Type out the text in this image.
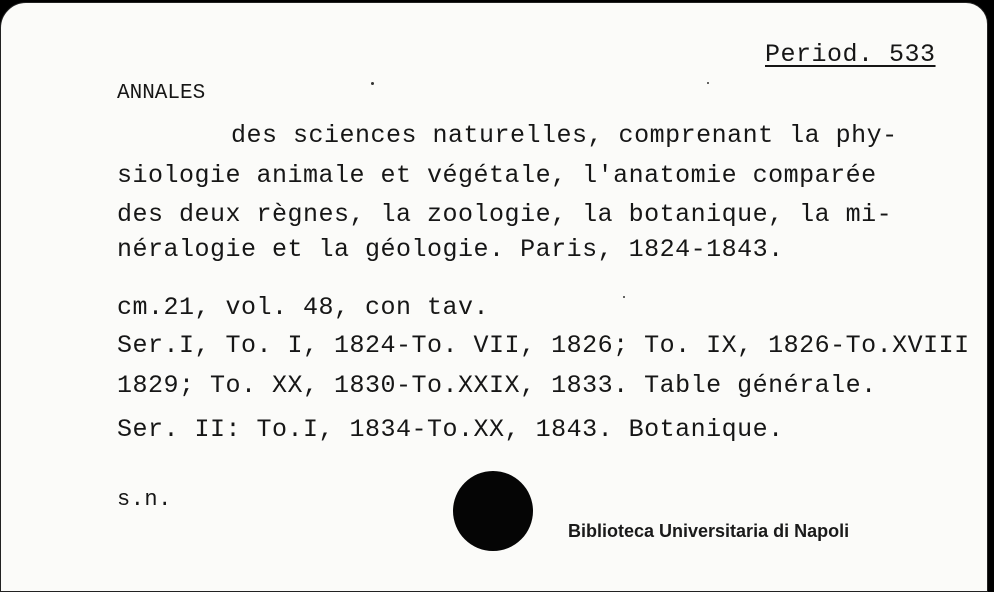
Period. 533
ANNALES
des sciences naturelles, comprenant la phy-
siologie animale et végétale, l'anatomie comparée
des deux règnes, la zoologie, la botanique, la mi-
néralogie et la géologie. Paris, 1824-1843.
cm.21, vol. 48, con tav.
Ser.I, To. I, 1824-To. VII, 1826; To. IX, 1826-To.XVIII
1829; To. XX, 1830-To.XXIX, 1833. Table générale.
Ser. II: To.I, 1834-To.XX, 1843. Botanique.
s.n.
Biblioteca Universitaria di Napoli
